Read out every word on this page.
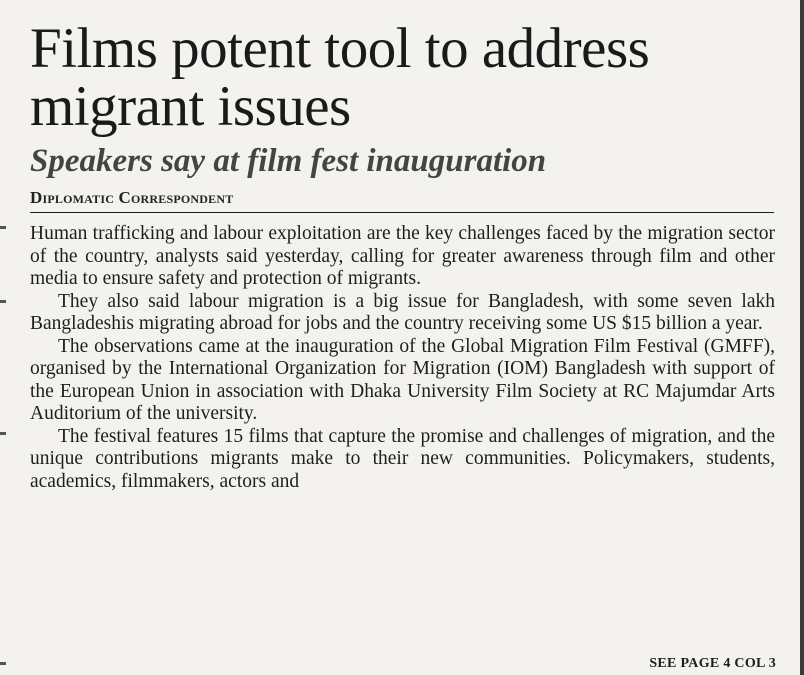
Films potent tool to address migrant issues
Speakers say at film fest inauguration
Diplomatic Correspondent

Human trafficking and labour exploitation are the key challenges faced by the migration sector of the country, analysts said yesterday, calling for greater awareness through film and other media to ensure safety and protection of migrants.

They also said labour migration is a big issue for Bangladesh, with some seven lakh Bangladeshis migrating abroad for jobs and the country receiving some US $15 billion a year.

The observations came at the inauguration of the Global Migration Film Festival (GMFF), organised by the International Organization for Migration (IOM) Bangladesh with support of the European Union in association with Dhaka University Film Society at RC Majumdar Arts Auditorium of the university.

The festival features 15 films that capture the promise and challenges of migration, and the unique contributions migrants make to their new communities. Policymakers, students, academics, filmmakers, actors and

SEE PAGE 4 COL 3
